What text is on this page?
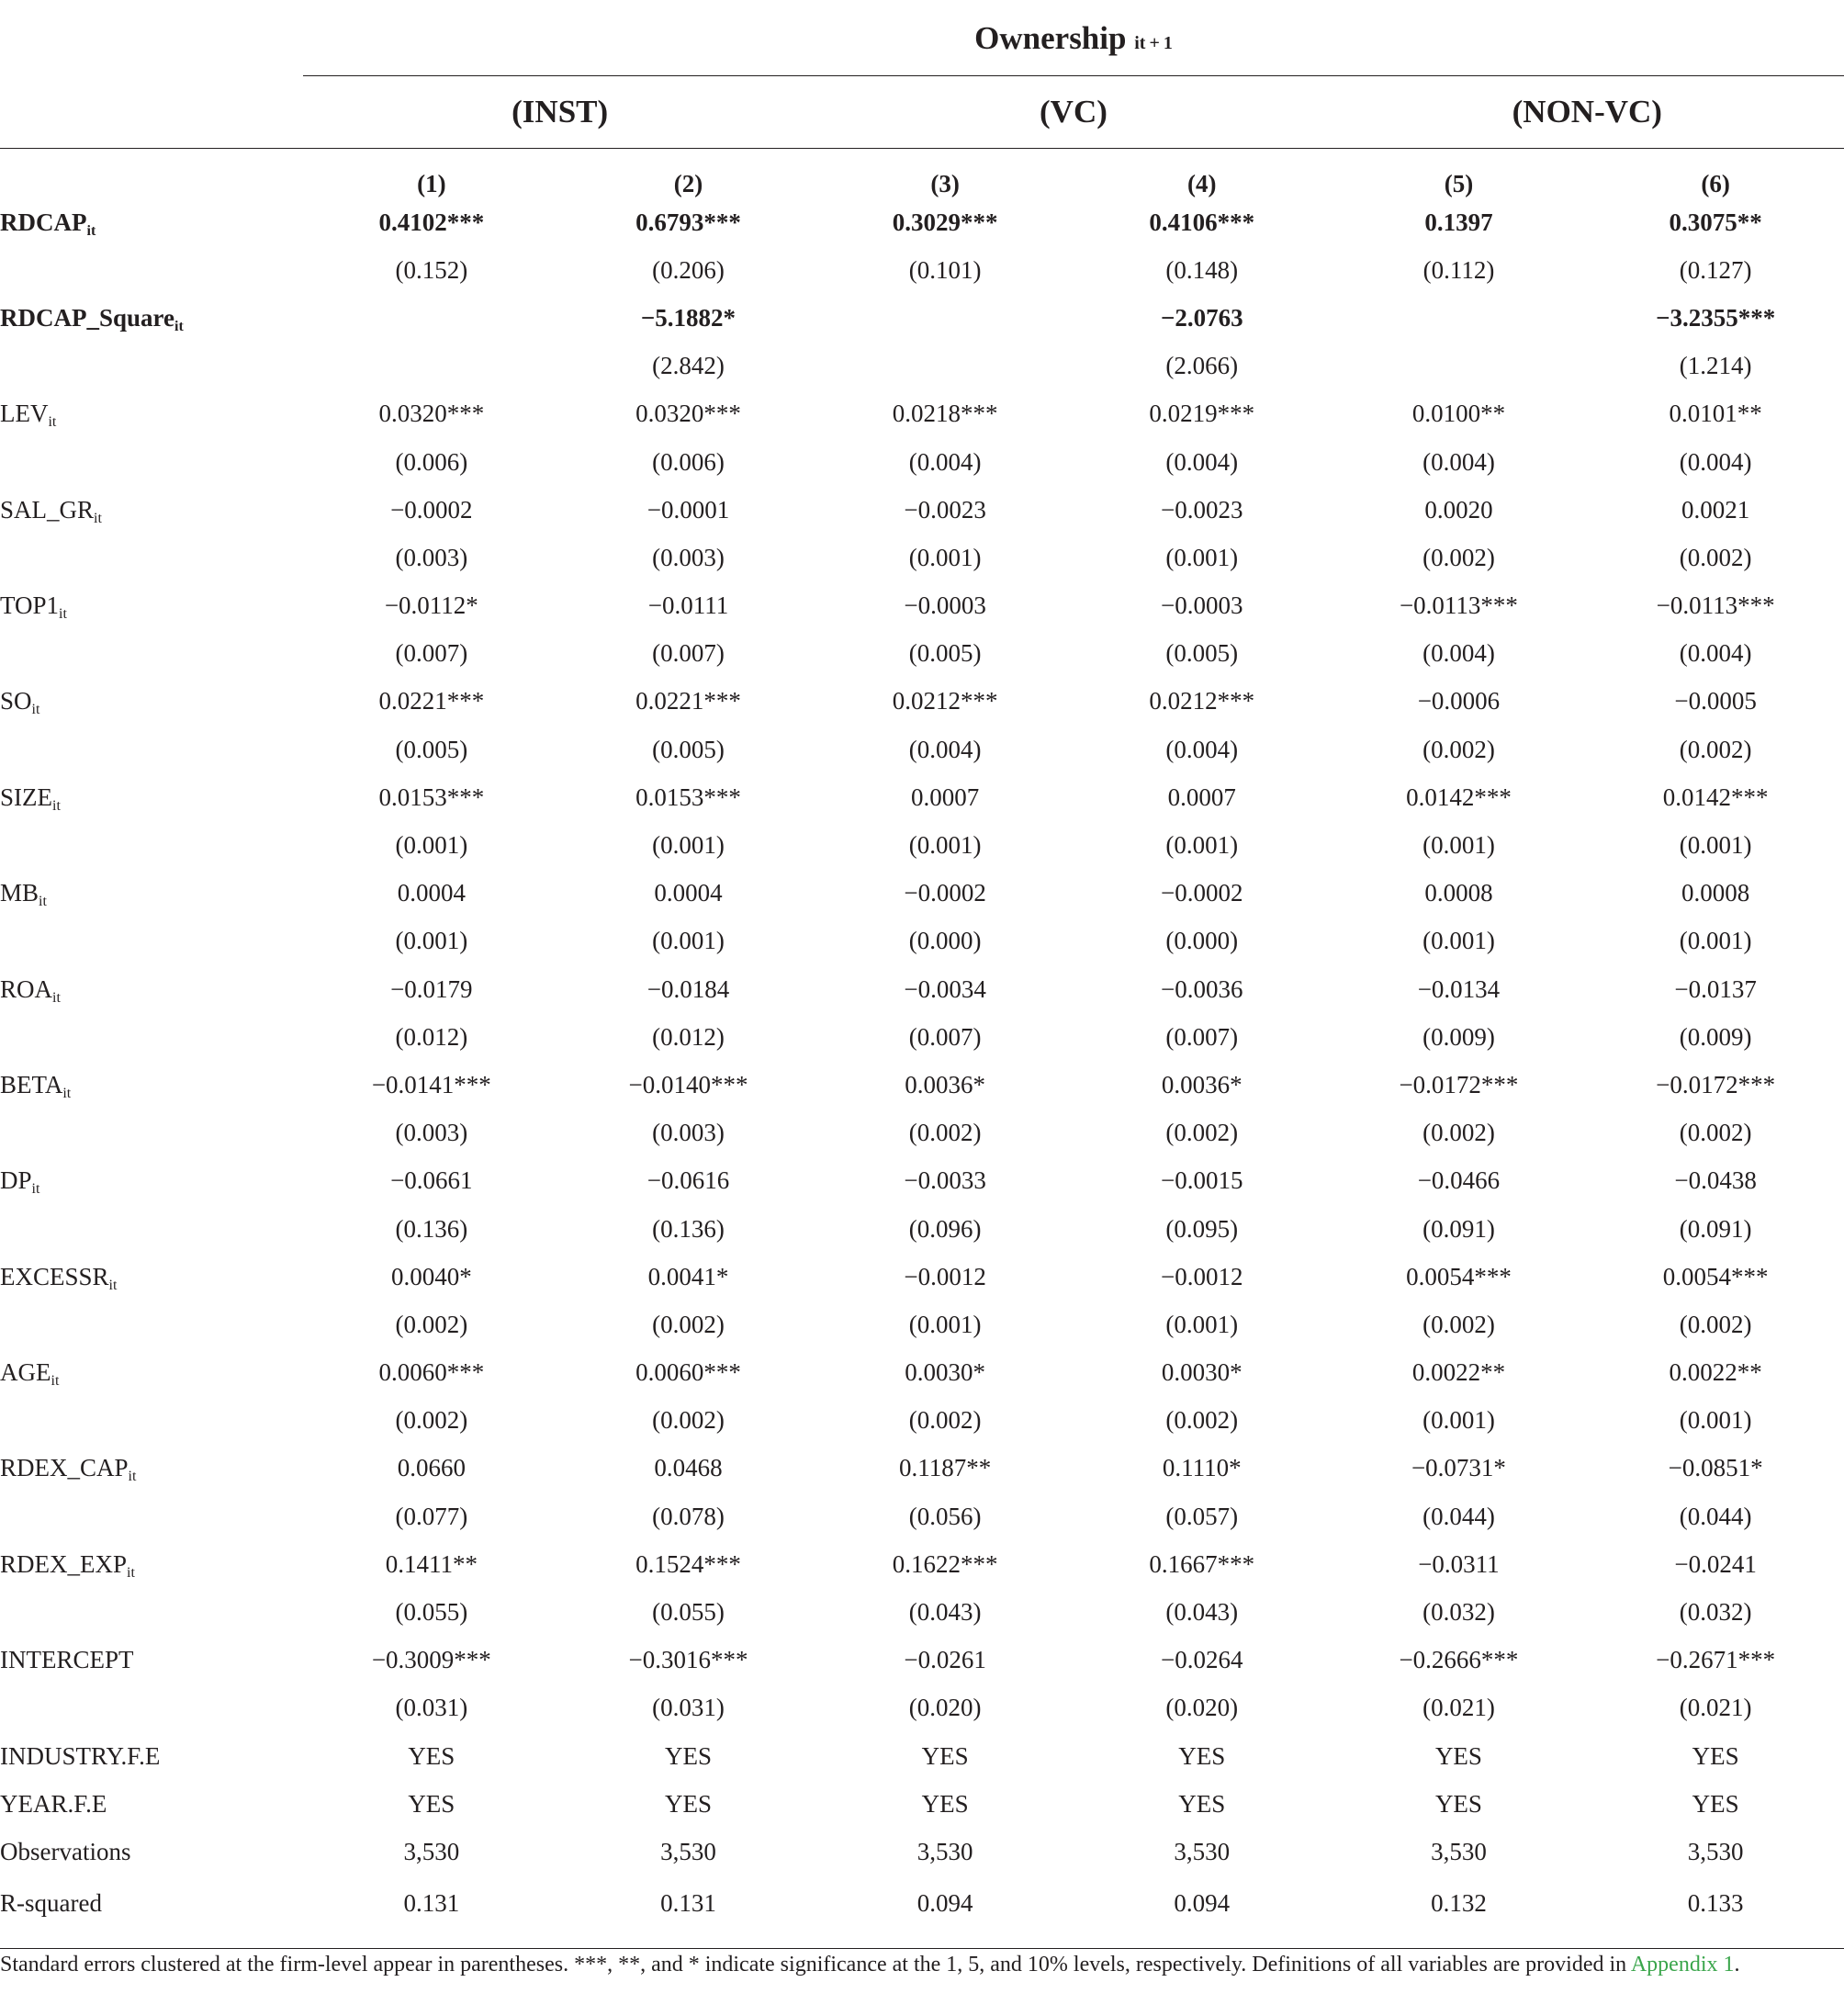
	Ownership it + 1					
	(INST)		(VC)		(NON-VC)	
	(1)	(2)	(3)	(4)	(5)	(6)
$RDCAP_{it}$	0.4102***	0.6793***	0.3029***	0.4106***	0.1397	0.3075**
	(0.152)	(0.206)	(0.101)	(0.148)	(0.112)	(0.127)
RDCAP_Square$_{it}$		−5.1882*		−2.0763		−3.2355***
		(2.842)		(2.066)		(1.214)
$LEV_{it}$	0.0320***	0.0320***	0.0218***	0.0219***	0.0100**	0.0101**
	(0.006)	(0.006)	(0.004)	(0.004)	(0.004)	(0.004)
$SAL\_GR_{it}$	−0.0002	−0.0001	−0.0023	−0.0023	0.0020	0.0021
	(0.003)	(0.003)	(0.001)	(0.001)	(0.002)	(0.002)
$TOP1_{it}$	−0.0112*	−0.0111	−0.0003	−0.0003	−0.0113***	−0.0113***
	(0.007)	(0.007)	(0.005)	(0.005)	(0.004)	(0.004)
$SO_{it}$	0.0221***	0.0221***	0.0212***	0.0212***	−0.0006	−0.0005
	(0.005)	(0.005)	(0.004)	(0.004)	(0.002)	(0.002)
$SIZE_{it}$	0.0153***	0.0153***	0.0007	0.0007	0.0142***	0.0142***
	(0.001)	(0.001)	(0.001)	(0.001)	(0.001)	(0.001)
$MB_{it}$	0.0004	0.0004	−0.0002	−0.0002	0.0008	0.0008
	(0.001)	(0.001)	(0.000)	(0.000)	(0.001)	(0.001)
$ROA_{it}$	−0.0179	−0.0184	−0.0034	−0.0036	−0.0134	−0.0137
	(0.012)	(0.012)	(0.007)	(0.007)	(0.009)	(0.009)
$BETA_{it}$	−0.0141***	−0.0140***	0.0036*	0.0036*	−0.0172***	−0.0172***
	(0.003)	(0.003)	(0.002)	(0.002)	(0.002)	(0.002)
$DP_{it}$	−0.0661	−0.0616	−0.0033	−0.0015	−0.0466	−0.0438
	(0.136)	(0.136)	(0.096)	(0.095)	(0.091)	(0.091)
$EXCESSR_{it}$	0.0040*	0.0041*	−0.0012	−0.0012	0.0054***	0.0054***
	(0.002)	(0.002)	(0.001)	(0.001)	(0.002)	(0.002)
$AGE_{it}$	0.0060***	0.0060***	0.0030*	0.0030*	0.0022**	0.0022**
	(0.002)	(0.002)	(0.002)	(0.002)	(0.001)	(0.001)
$RDEX\_CAP_{it}$	0.0660	0.0468	0.1187**	0.1110*	−0.0731*	−0.0851*
	(0.077)	(0.078)	(0.056)	(0.057)	(0.044)	(0.044)
$RDEX\_EXP_{it}$	0.1411**	0.1524***	0.1622***	0.1667***	−0.0311	−0.0241
	(0.055)	(0.055)	(0.043)	(0.043)	(0.032)	(0.032)
INTERCEPT	−0.3009***	−0.3016***	−0.0261	−0.0264	−0.2666***	−0.2671***
	(0.031)	(0.031)	(0.020)	(0.020)	(0.021)	(0.021)
INDUSTRY.F.E	YES	YES	YES	YES	YES	YES
YEAR.F.E	YES	YES	YES	YES	YES	YES
Observations	3,530	3,530	3,530	3,530	3,530	3,530
R-squared	0.131	0.131	0.094	0.094	0.132	0.133
Standard errors clustered at the firm-level appear in parentheses. ***, **, and * indicate significance at the 1, 5, and 10% levels, respectively. Definitions of all variables are provided in Appendix 1.
